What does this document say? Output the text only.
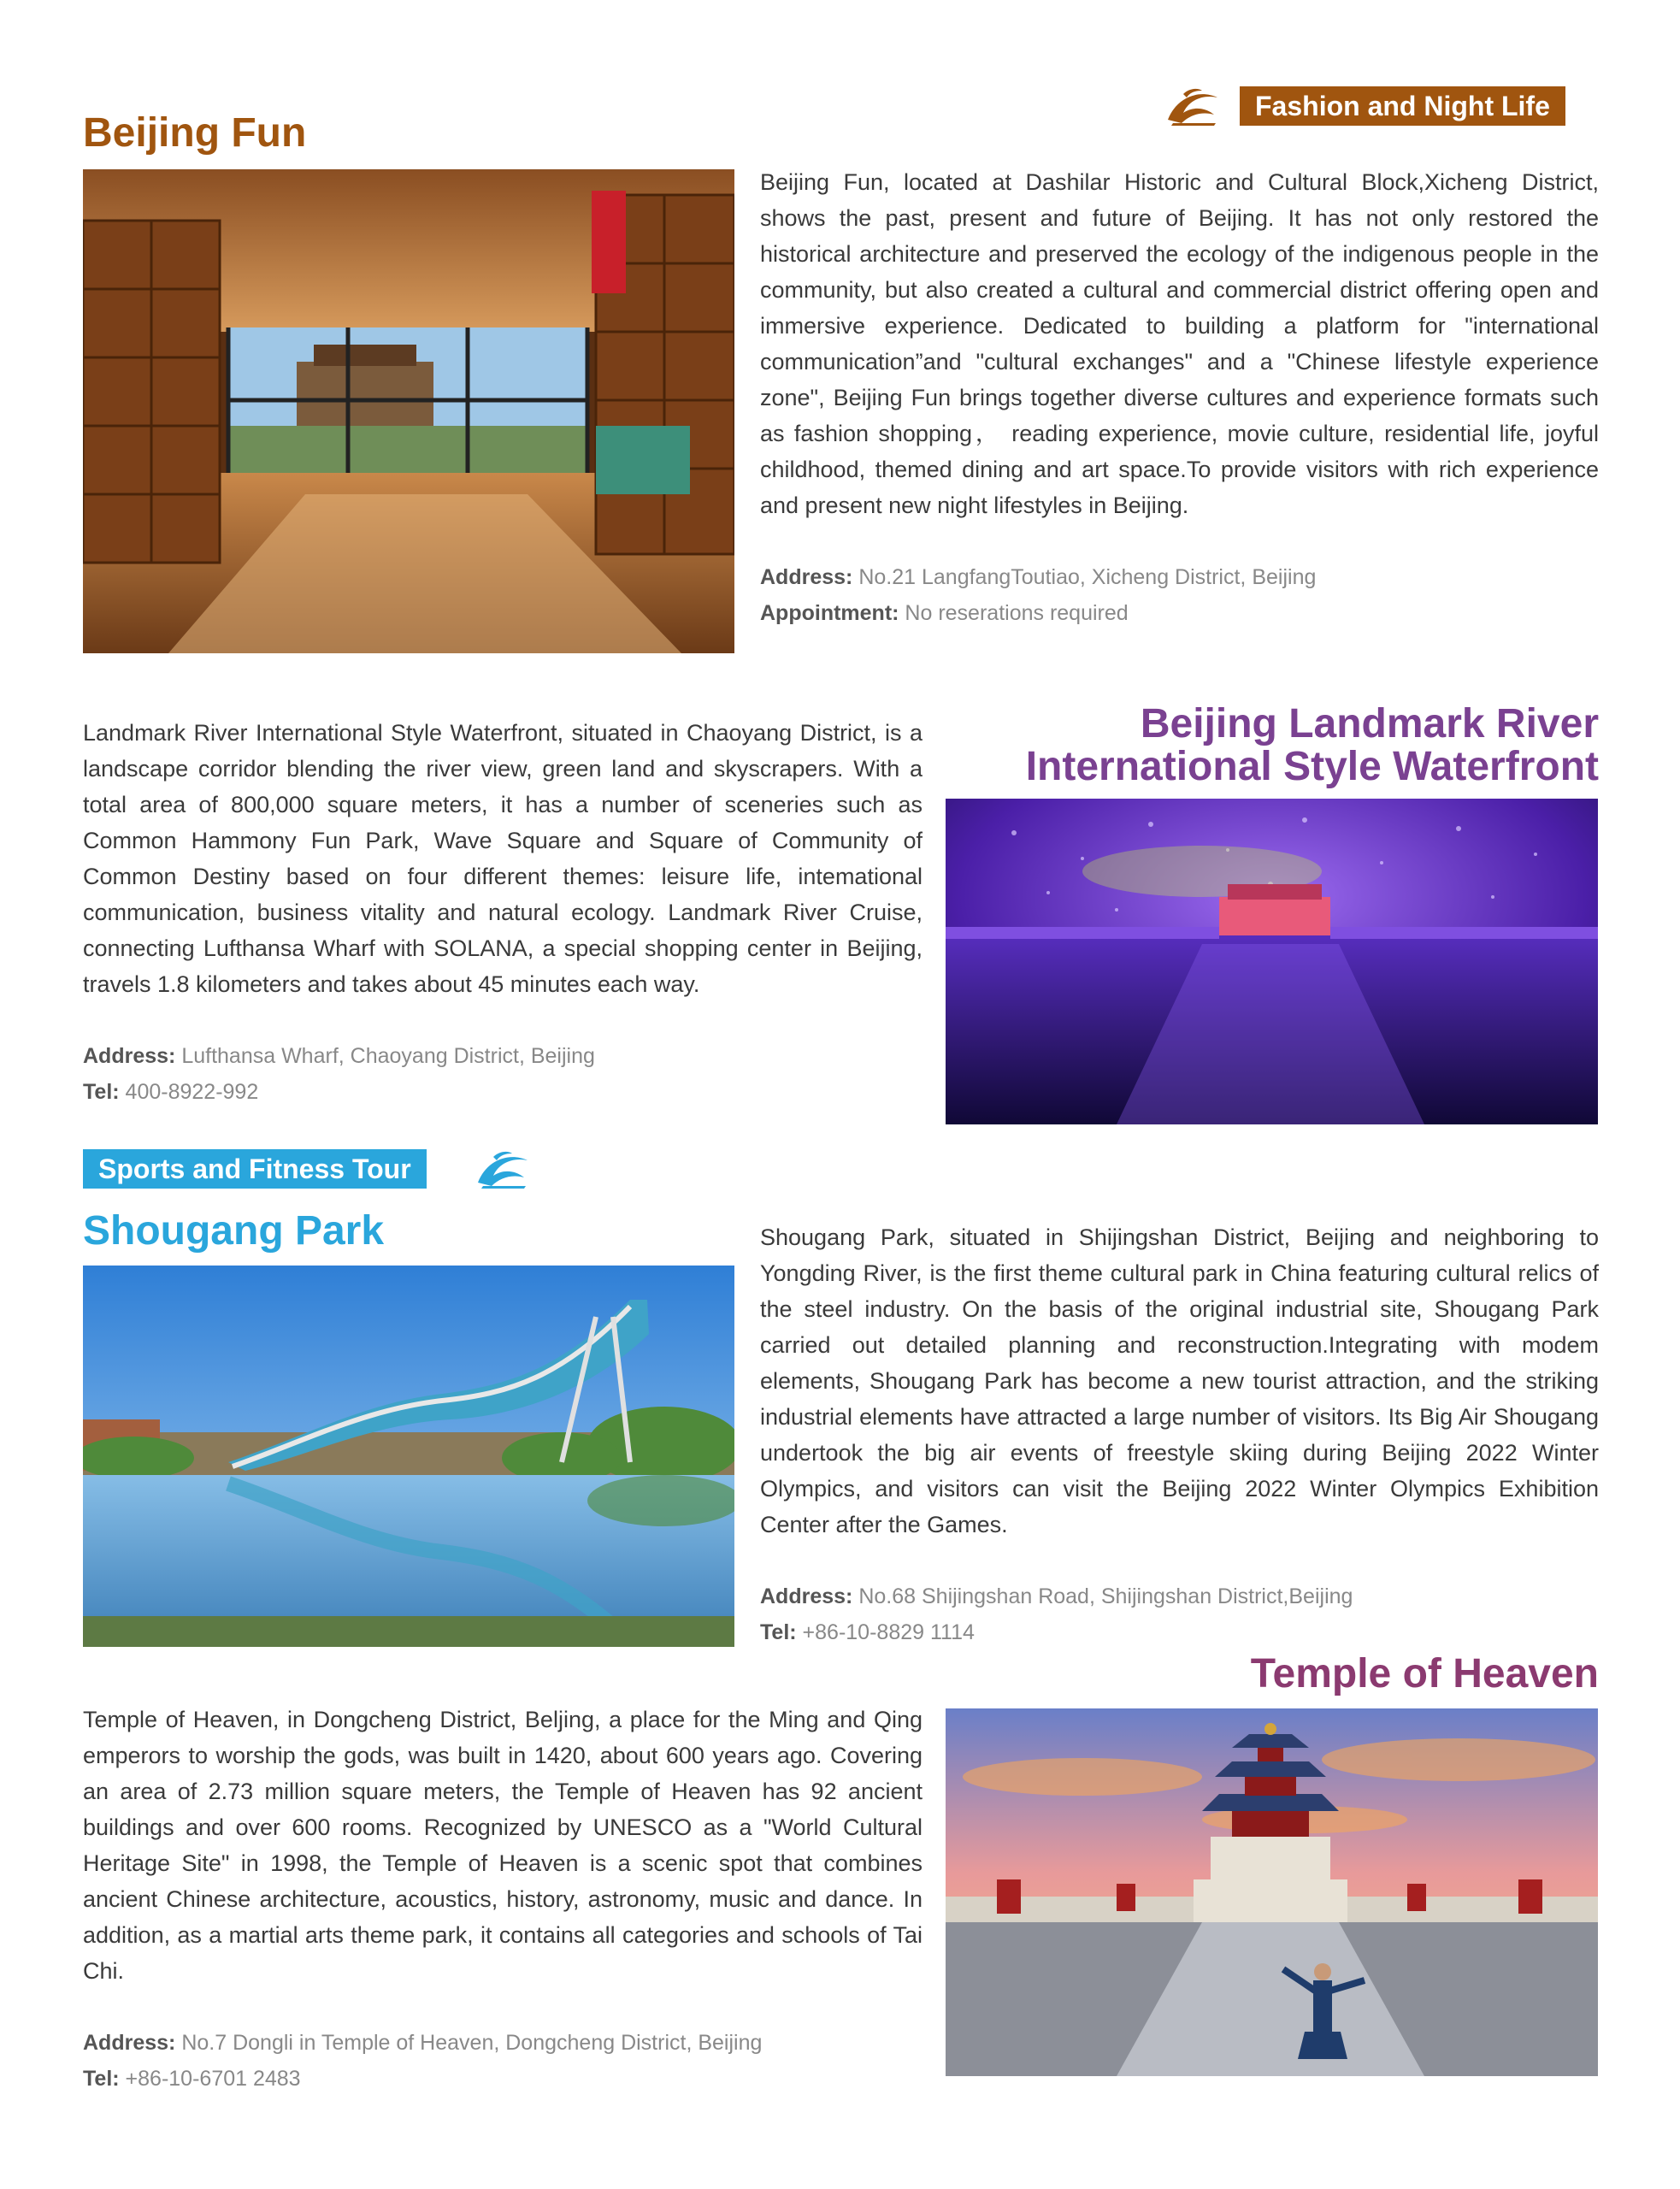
Fashion and Night Life
Beijing Fun

Beijing Fun, located at Dashilar Historic and Cultural Block,Xicheng District, shows the past, present and future of Beijing. It has not only restored the historical architecture and preserved the ecology of the indigenous people in the community, but also created a cultural and commercial district offering open and immersive experience. Dedicated to building a platform for "international communication”and "cultural exchanges" and a "Chinese lifestyle experience zone", Beijing Fun brings together diverse cultures and experience formats such as fashion shopping， reading experience, movie culture, residential life, joyful childhood, themed dining and art space.To provide visitors with rich experience and present new night lifestyles in Beijing.

Address: No.21 LangfangToutiao, Xicheng District, Beijing

Appointment: No reserations required

Beijing Landmark River
International Style Waterfront

Landmark River International Style Waterfront, situated in Chaoyang District, is a landscape corridor blending the river view, green land and skyscrapers. With a total area of 800,000 square meters, it has a number of sceneries such as Common Hammony Fun Park, Wave Square and Square of Community of Common Destiny based on four different themes: leisure life, intemational communication, business vitality and natural ecology. Landmark River Cruise, connecting Lufthansa Wharf with SOLANA, a special shopping center in Beijing, travels 1.8 kilometers and takes about 45 minutes each way.

Address: Lufthansa Wharf, Chaoyang District, Beijing

Tel: 400-8922-992

Sports and Fitness Tour
Shougang Park	Shougang Park, situated in Shijingshan District, Beijing and neighboring to Yongding River, is the first theme cultural park in China featuring cultural relics of the steel industry. On the basis of the original industrial site, Shougang Park carried out detailed planning and reconstruction.Integrating with modem elements, Shougang Park has become a new tourist attraction, and the striking industrial elements have attracted a large number of visitors. Its Big Air Shougang undertook the big air events of freestyle skiing during Beijing 2022 Winter Olympics, and visitors can visit the Beijing 2022 Winter Olympics Exhibition Center after the Games.

Address: No.68 Shijingshan Road, Shijingshan District,Beijing

Tel: +86-10-8829 1114

Temple of Heaven

Temple of Heaven, in Dongcheng District, Beljing, a place for the Ming and Qing emperors to worship the gods, was built in 1420, about 600 years ago. Covering an area of 2.73 million square meters, the Temple of Heaven has 92 ancient buildings and over 600 rooms. Recognized by UNESCO as a "World Cultural Heritage Site" in 1998, the Temple of Heaven is a scenic spot that combines ancient Chinese architecture, acoustics, history, astronomy, music and dance. In addition, as a martial arts theme park, it contains all categories and schools of Tai Chi.

Address: No.7 Dongli in Temple of Heaven, Dongcheng District, Beijing

Tel: +86-10-6701 2483
